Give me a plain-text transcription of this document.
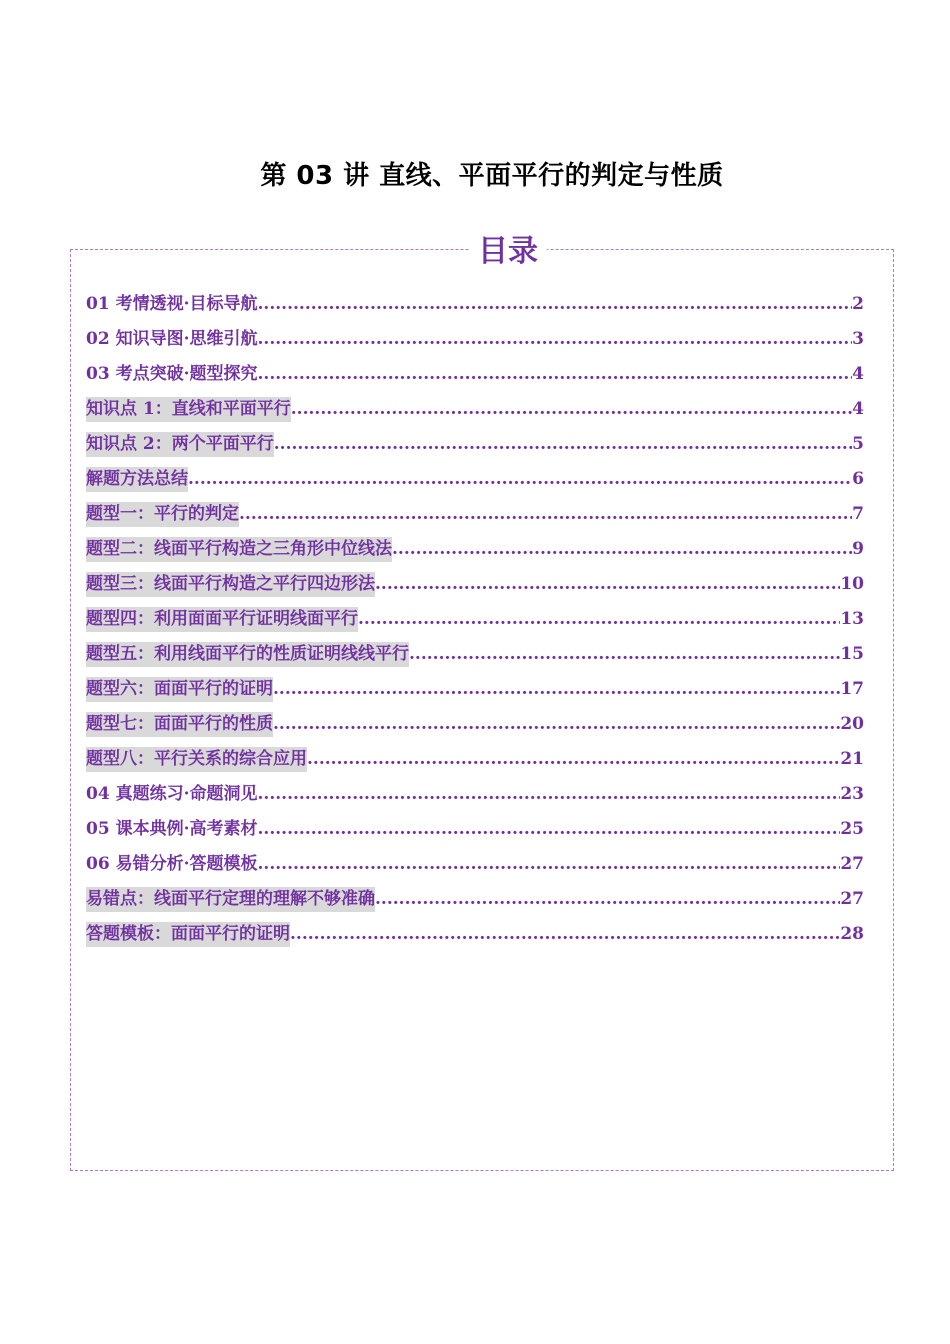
第 03 讲 直线、平面平行的判定与性质
目录
01 考情透视·目标导航 .....	2
02 知识导图·思维引航 .....	3
03 考点突破·题型探究 .....	4
知识点 1：直线和平面平行 .....	4
知识点 2：两个平面平行 .....	5
解题方法总结 .....	6
题型一：平行的判定 .....	7
题型二：线面平行构造之三角形中位线法 .....	9
题型三：线面平行构造之平行四边形法 .....	10
题型四：利用面面平行证明线面平行 .....	13
题型五：利用线面平行的性质证明线线平行 .....	15
题型六：面面平行的证明 .....	17
题型七：面面平行的性质 .....	20
题型八：平行关系的综合应用 .....	21
04 真题练习·命题洞见 .....	23
05 课本典例·高考素材 .....	25
06 易错分析·答题模板 .....	27
易错点：线面平行定理的理解不够准确 .....	27
答题模板：面面平行的证明 .....	28
